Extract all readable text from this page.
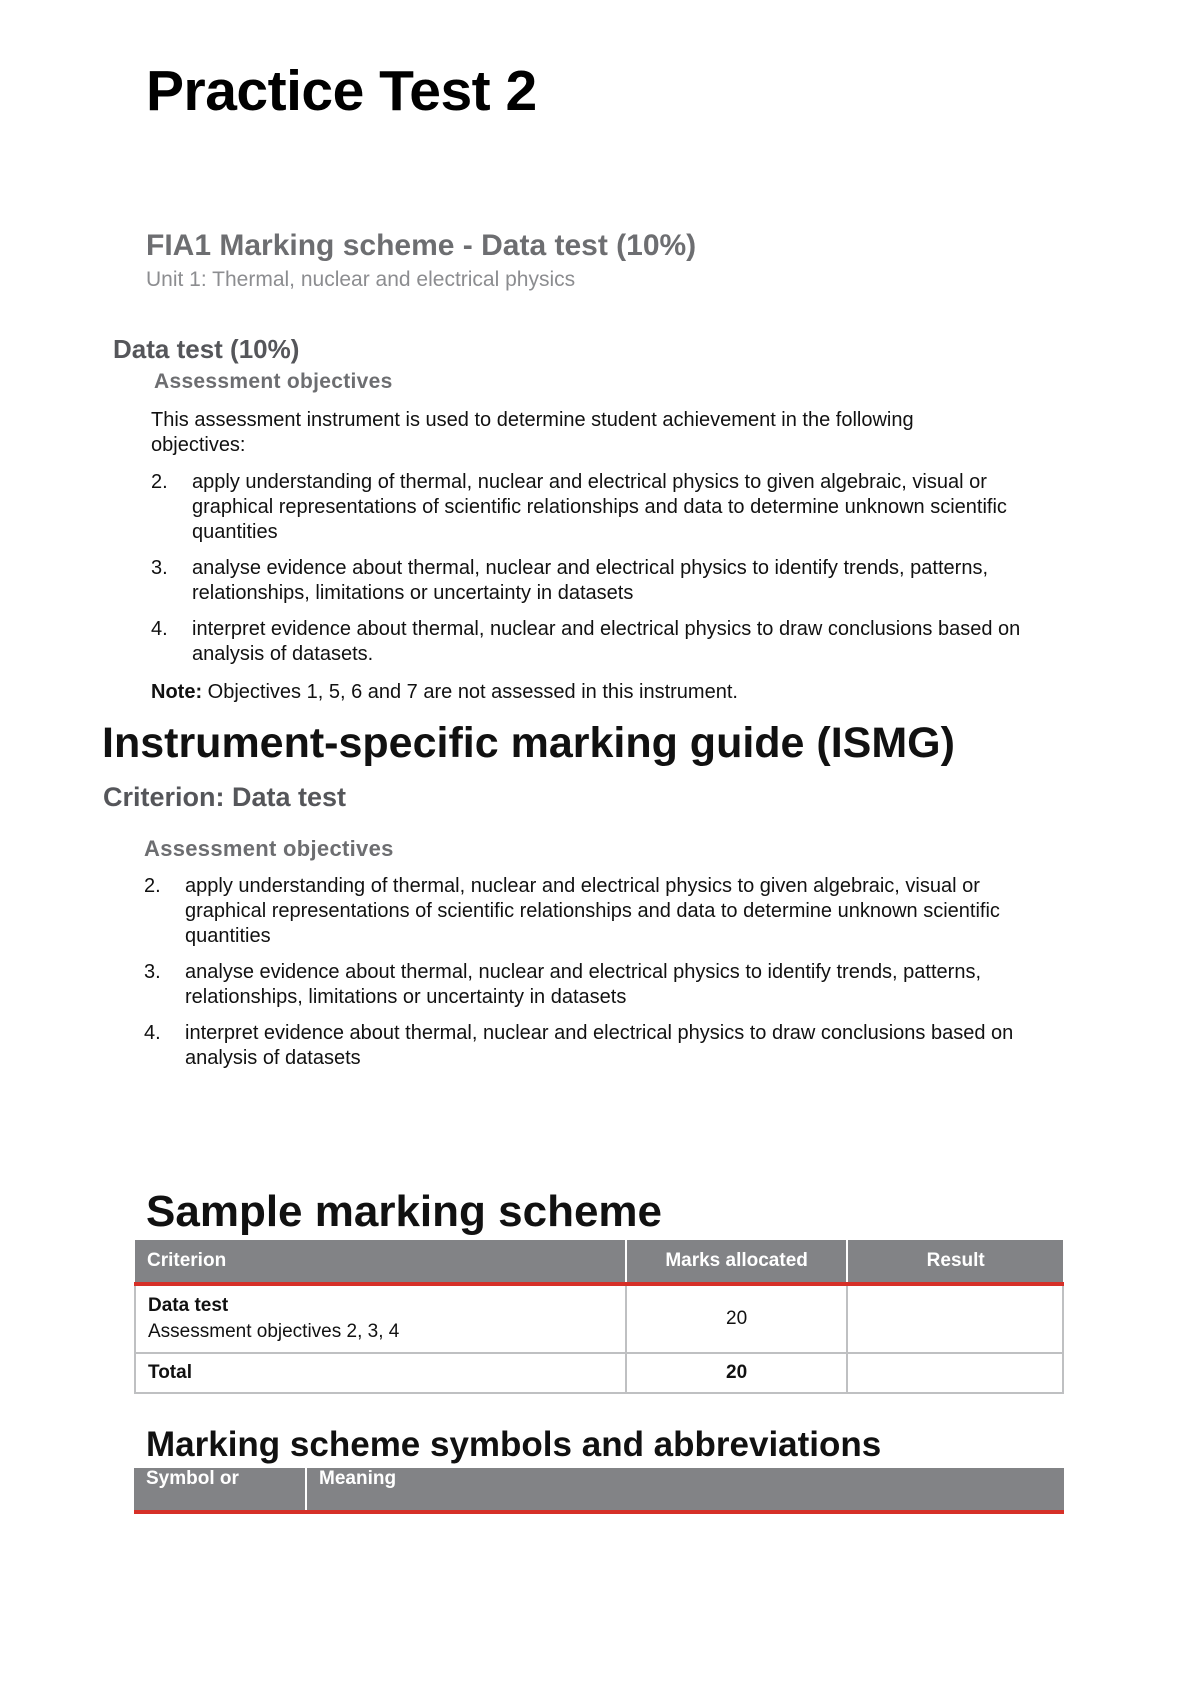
Practice Test 2
FIA1 Marking scheme - Data test (10%)
Unit 1: Thermal, nuclear and electrical physics
Data test (10%)
Assessment objectives

This assessment instrument is used to determine student achievement in the following objectives:

2. apply understanding of thermal, nuclear and electrical physics to given algebraic, visual or graphical representations of scientific relationships and data to determine unknown scientific quantities
3. analyse evidence about thermal, nuclear and electrical physics to identify trends, patterns, relationships, limitations or uncertainty in datasets
4. interpret evidence about thermal, nuclear and electrical physics to draw conclusions based on analysis of datasets.

Note: Objectives 1, 5, 6 and 7 are not assessed in this instrument.

Instrument-specific marking guide (ISMG)
Criterion: Data test
Assessment objectives
2. apply understanding of thermal, nuclear and electrical physics to given algebraic, visual or graphical representations of scientific relationships and data to determine unknown scientific quantities
3. analyse evidence about thermal, nuclear and electrical physics to identify trends, patterns, relationships, limitations or uncertainty in datasets
4. interpret evidence about thermal, nuclear and electrical physics to draw conclusions based on analysis of datasets
Sample marking scheme
Criterion	Marks allocated	Result

Data test
Assessment objectives 2, 3, 4	20	
Total	20	
Marking scheme symbols and abbreviations
Symbol or	Meaning
